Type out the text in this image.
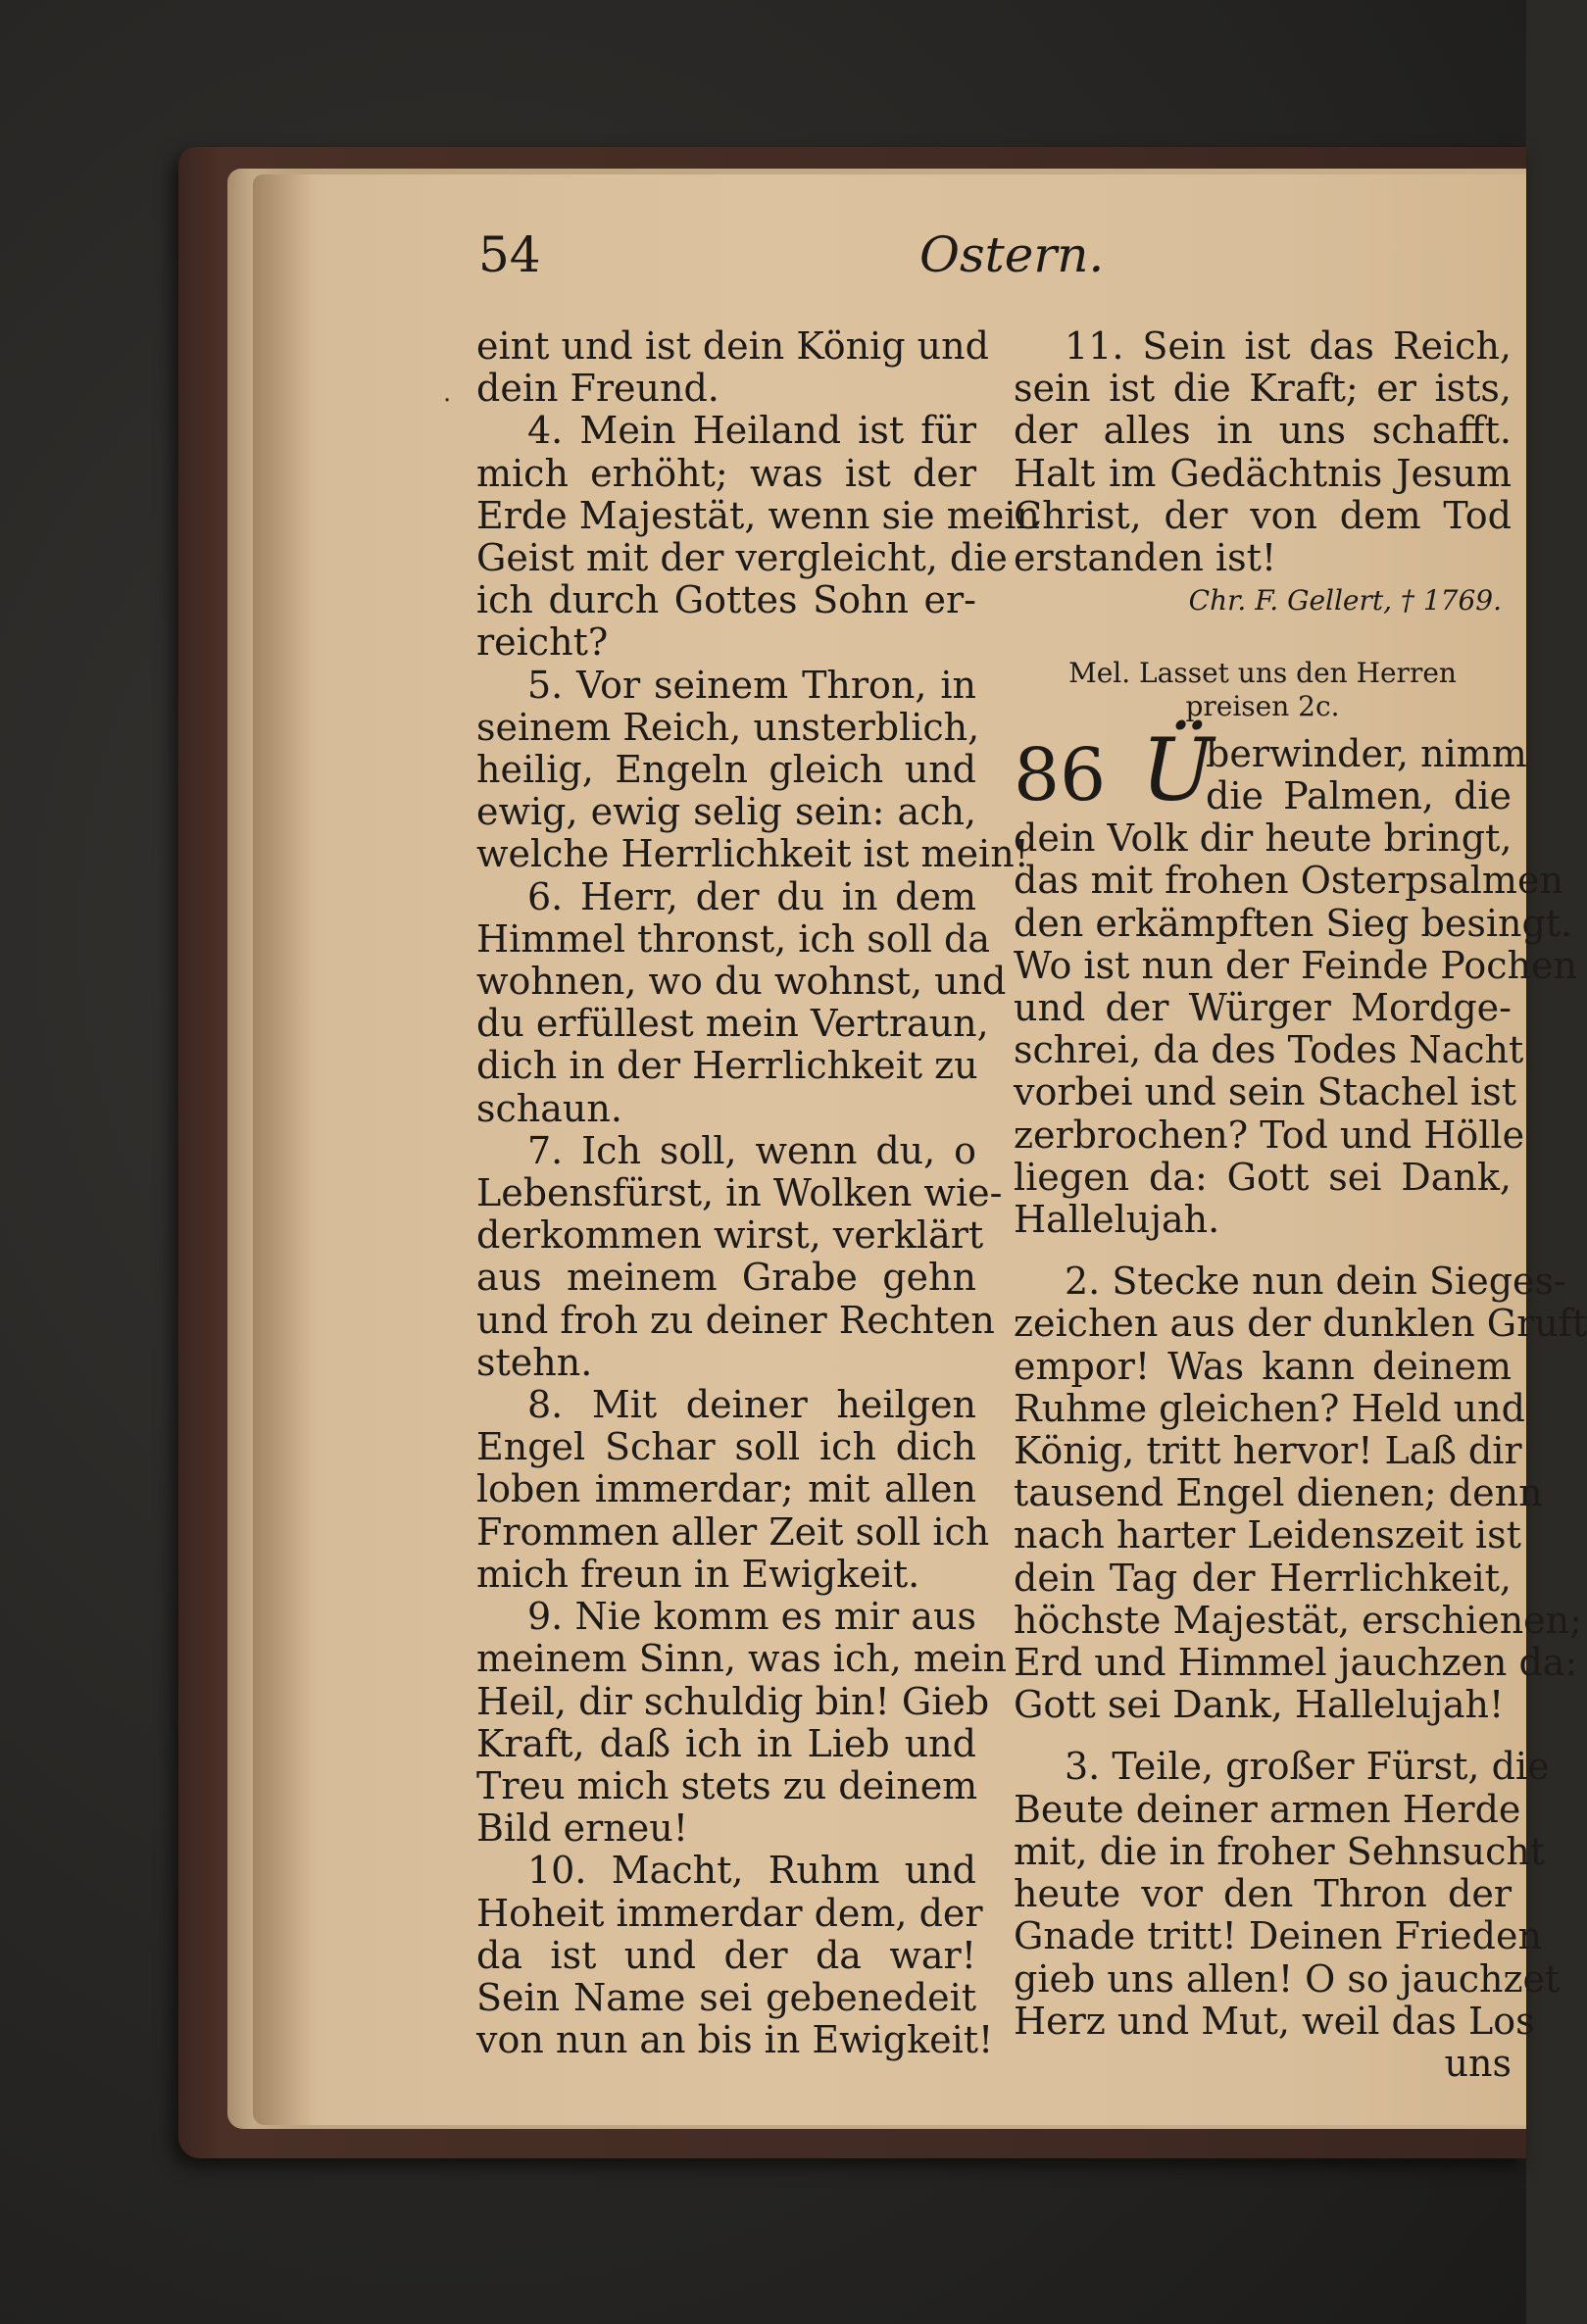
54	Ostern.
·
eint und ist dein König und
dein Freund.
4. Mein Heiland ist für
mich erhöht; was ist der
Erde Majestät, wenn sie mein
Geist mit der vergleicht, die
ich durch Gottes Sohn er-
reicht?
5. Vor seinem Thron, in
seinem Reich, unsterblich,
heilig, Engeln gleich und
ewig, ewig selig sein: ach,
welche Herrlichkeit ist mein!
6. Herr, der du in dem
Himmel thronst, ich soll da
wohnen, wo du wohnst, und
du erfüllest mein Vertraun,
dich in der Herrlichkeit zu
schaun.
7. Ich soll, wenn du, o
Lebensfürst, in Wolken wie-
derkommen wirst, verklärt
aus meinem Grabe gehn
und froh zu deiner Rechten
stehn.
8. Mit deiner heilgen
Engel Schar soll ich dich
loben immerdar; mit allen
Frommen aller Zeit soll ich
mich freun in Ewigkeit.
9. Nie komm es mir aus
meinem Sinn, was ich, mein
Heil, dir schuldig bin! Gieb
Kraft, daß ich in Lieb und
Treu mich stets zu deinem
Bild erneu!
10. Macht, Ruhm und
Hoheit immerdar dem, der
da ist und der da war!
Sein Name sei gebenedeit
von nun an bis in Ewigkeit!
11. Sein ist das Reich,
sein ist die Kraft; er ists,
der alles in uns schafft.
Halt im Gedächtnis Jesum
Christ, der von dem Tod
erstanden ist!
Chr. F. Gellert, † 1769.
Mel. Lasset uns den Herren
preisen 2c.
86 Ü
berwinder, nimm
die Palmen, die
dein Volk dir heute bringt,
das mit frohen Osterpsalmen
den erkämpften Sieg besingt.
Wo ist nun der Feinde Pochen
und der Würger Mordge-
schrei, da des Todes Nacht
vorbei und sein Stachel ist
zerbrochen? Tod und Hölle
liegen da: Gott sei Dank,
Hallelujah.
2. Stecke nun dein Sieges-
zeichen aus der dunklen Gruft
empor! Was kann deinem
Ruhme gleichen? Held und
König, tritt hervor! Laß dir
tausend Engel dienen; denn
nach harter Leidenszeit ist
dein Tag der Herrlichkeit,
höchste Majestät, erschienen;
Erd und Himmel jauchzen da:
Gott sei Dank, Hallelujah!
3. Teile, großer Fürst, die
Beute deiner armen Herde
mit, die in froher Sehnsucht
heute vor den Thron der
Gnade tritt! Deinen Frieden
gieb uns allen! O so jauchzet
Herz und Mut, weil das Los
uns
